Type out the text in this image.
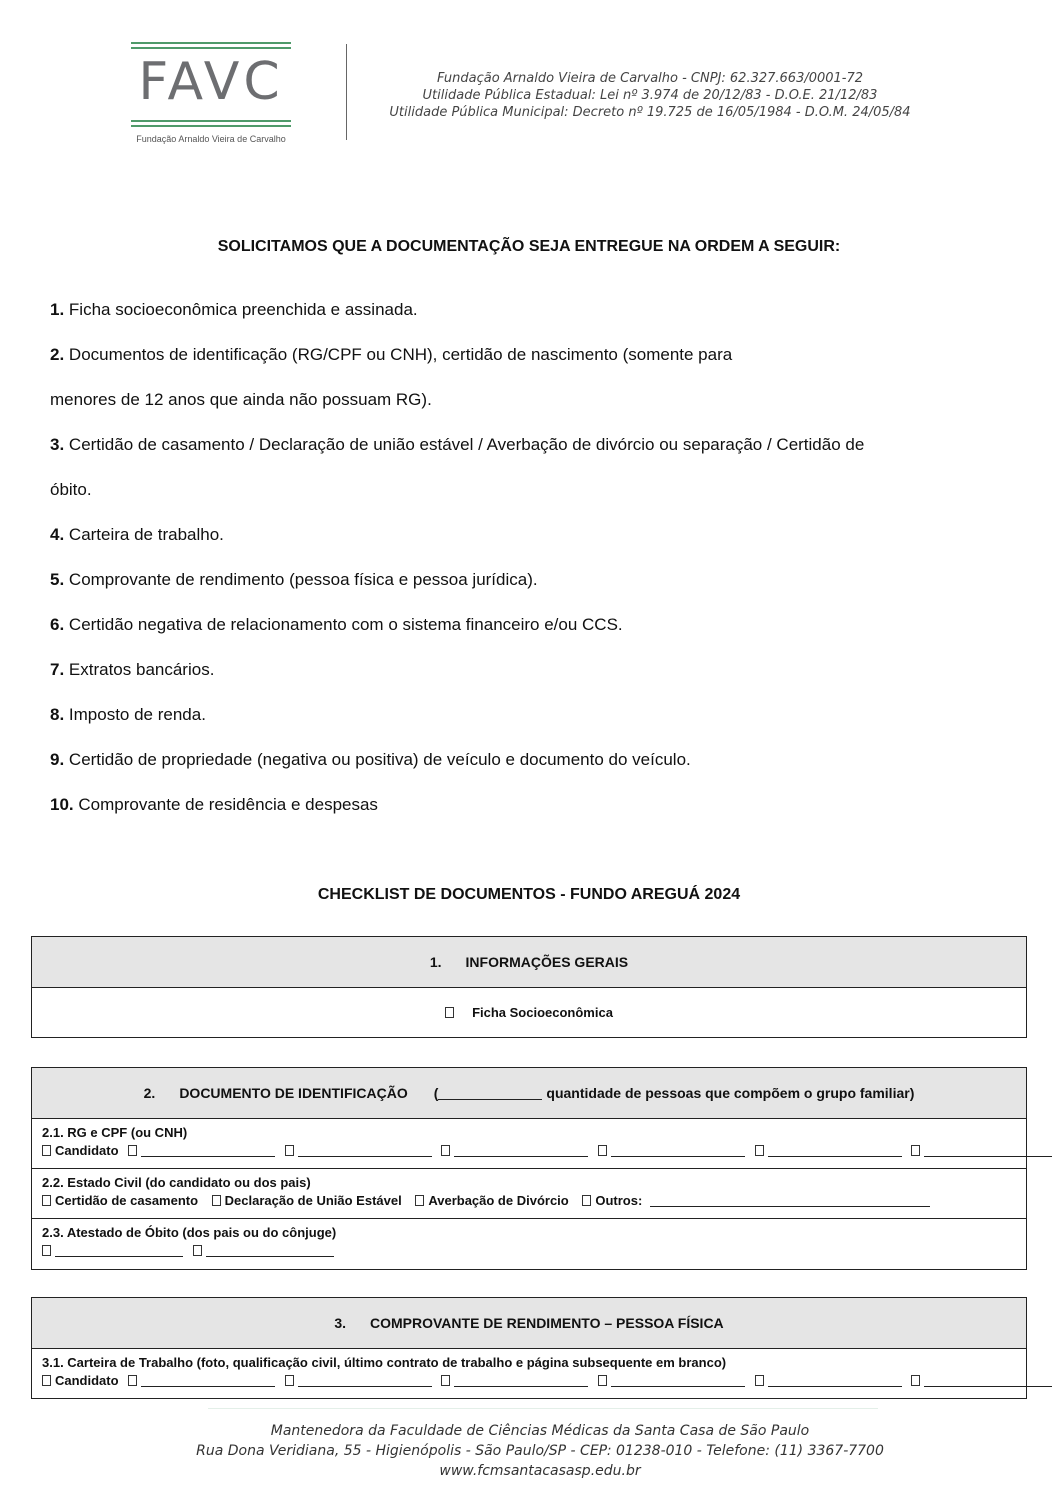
FAVC
Fundação Arnaldo Vieira de Carvalho
Fundação Arnaldo Vieira de Carvalho - CNPJ: 62.327.663/0001-72
Utilidade Pública Estadual: Lei nº 3.974 de 20/12/83 - D.O.E. 21/12/83
Utilidade Pública Municipal: Decreto nº 19.725 de 16/05/1984 - D.O.M. 24/05/84
SOLICITAMOS QUE A DOCUMENTAÇÃO SEJA ENTREGUE NA ORDEM A SEGUIR:
1. Ficha socioeconômica preenchida e assinada.
2. Documentos de identificação (RG/CPF ou CNH), certidão de nascimento (somente para
menores de 12 anos que ainda não possuam RG).
3. Certidão de casamento / Declaração de união estável / Averbação de divórcio ou separação / Certidão de
óbito.
4. Carteira de trabalho.
5. Comprovante de rendimento (pessoa física e pessoa jurídica).
6. Certidão negativa de relacionamento com o sistema financeiro e/ou CCS.
7. Extratos bancários.
8. Imposto de renda.
9. Certidão de propriedade (negativa ou positiva) de veículo e documento do veículo.
10. Comprovante de residência e despesas
CHECKLIST DE DOCUMENTOS - FUNDO AREGUÁ 2024
1. INFORMAÇÕES GERAIS
Ficha Socioeconômica
2. DOCUMENTO DE IDENTIFICAÇÃO (	quantidade de pessoas que compõem o grupo familiar)
2.1. RG e CPF (ou CNH)
Candidato
2.2. Estado Civil (do candidato ou dos pais)
Certidão de casamento Declaração de União Estável Averbação de Divórcio Outros:
2.3. Atestado de Óbito (dos pais ou do cônjuge)

3. COMPROVANTE DE RENDIMENTO – PESSOA FÍSICA
3.1. Carteira de Trabalho (foto, qualificação civil, último contrato de trabalho e página subsequente em branco)
Candidato
Mantenedora da Faculdade de Ciências Médicas da Santa Casa de São Paulo
Rua Dona Veridiana, 55 - Higienópolis - São Paulo/SP - CEP: 01238-010 - Telefone: (11) 3367-7700
www.fcmsantacasasp.edu.br
